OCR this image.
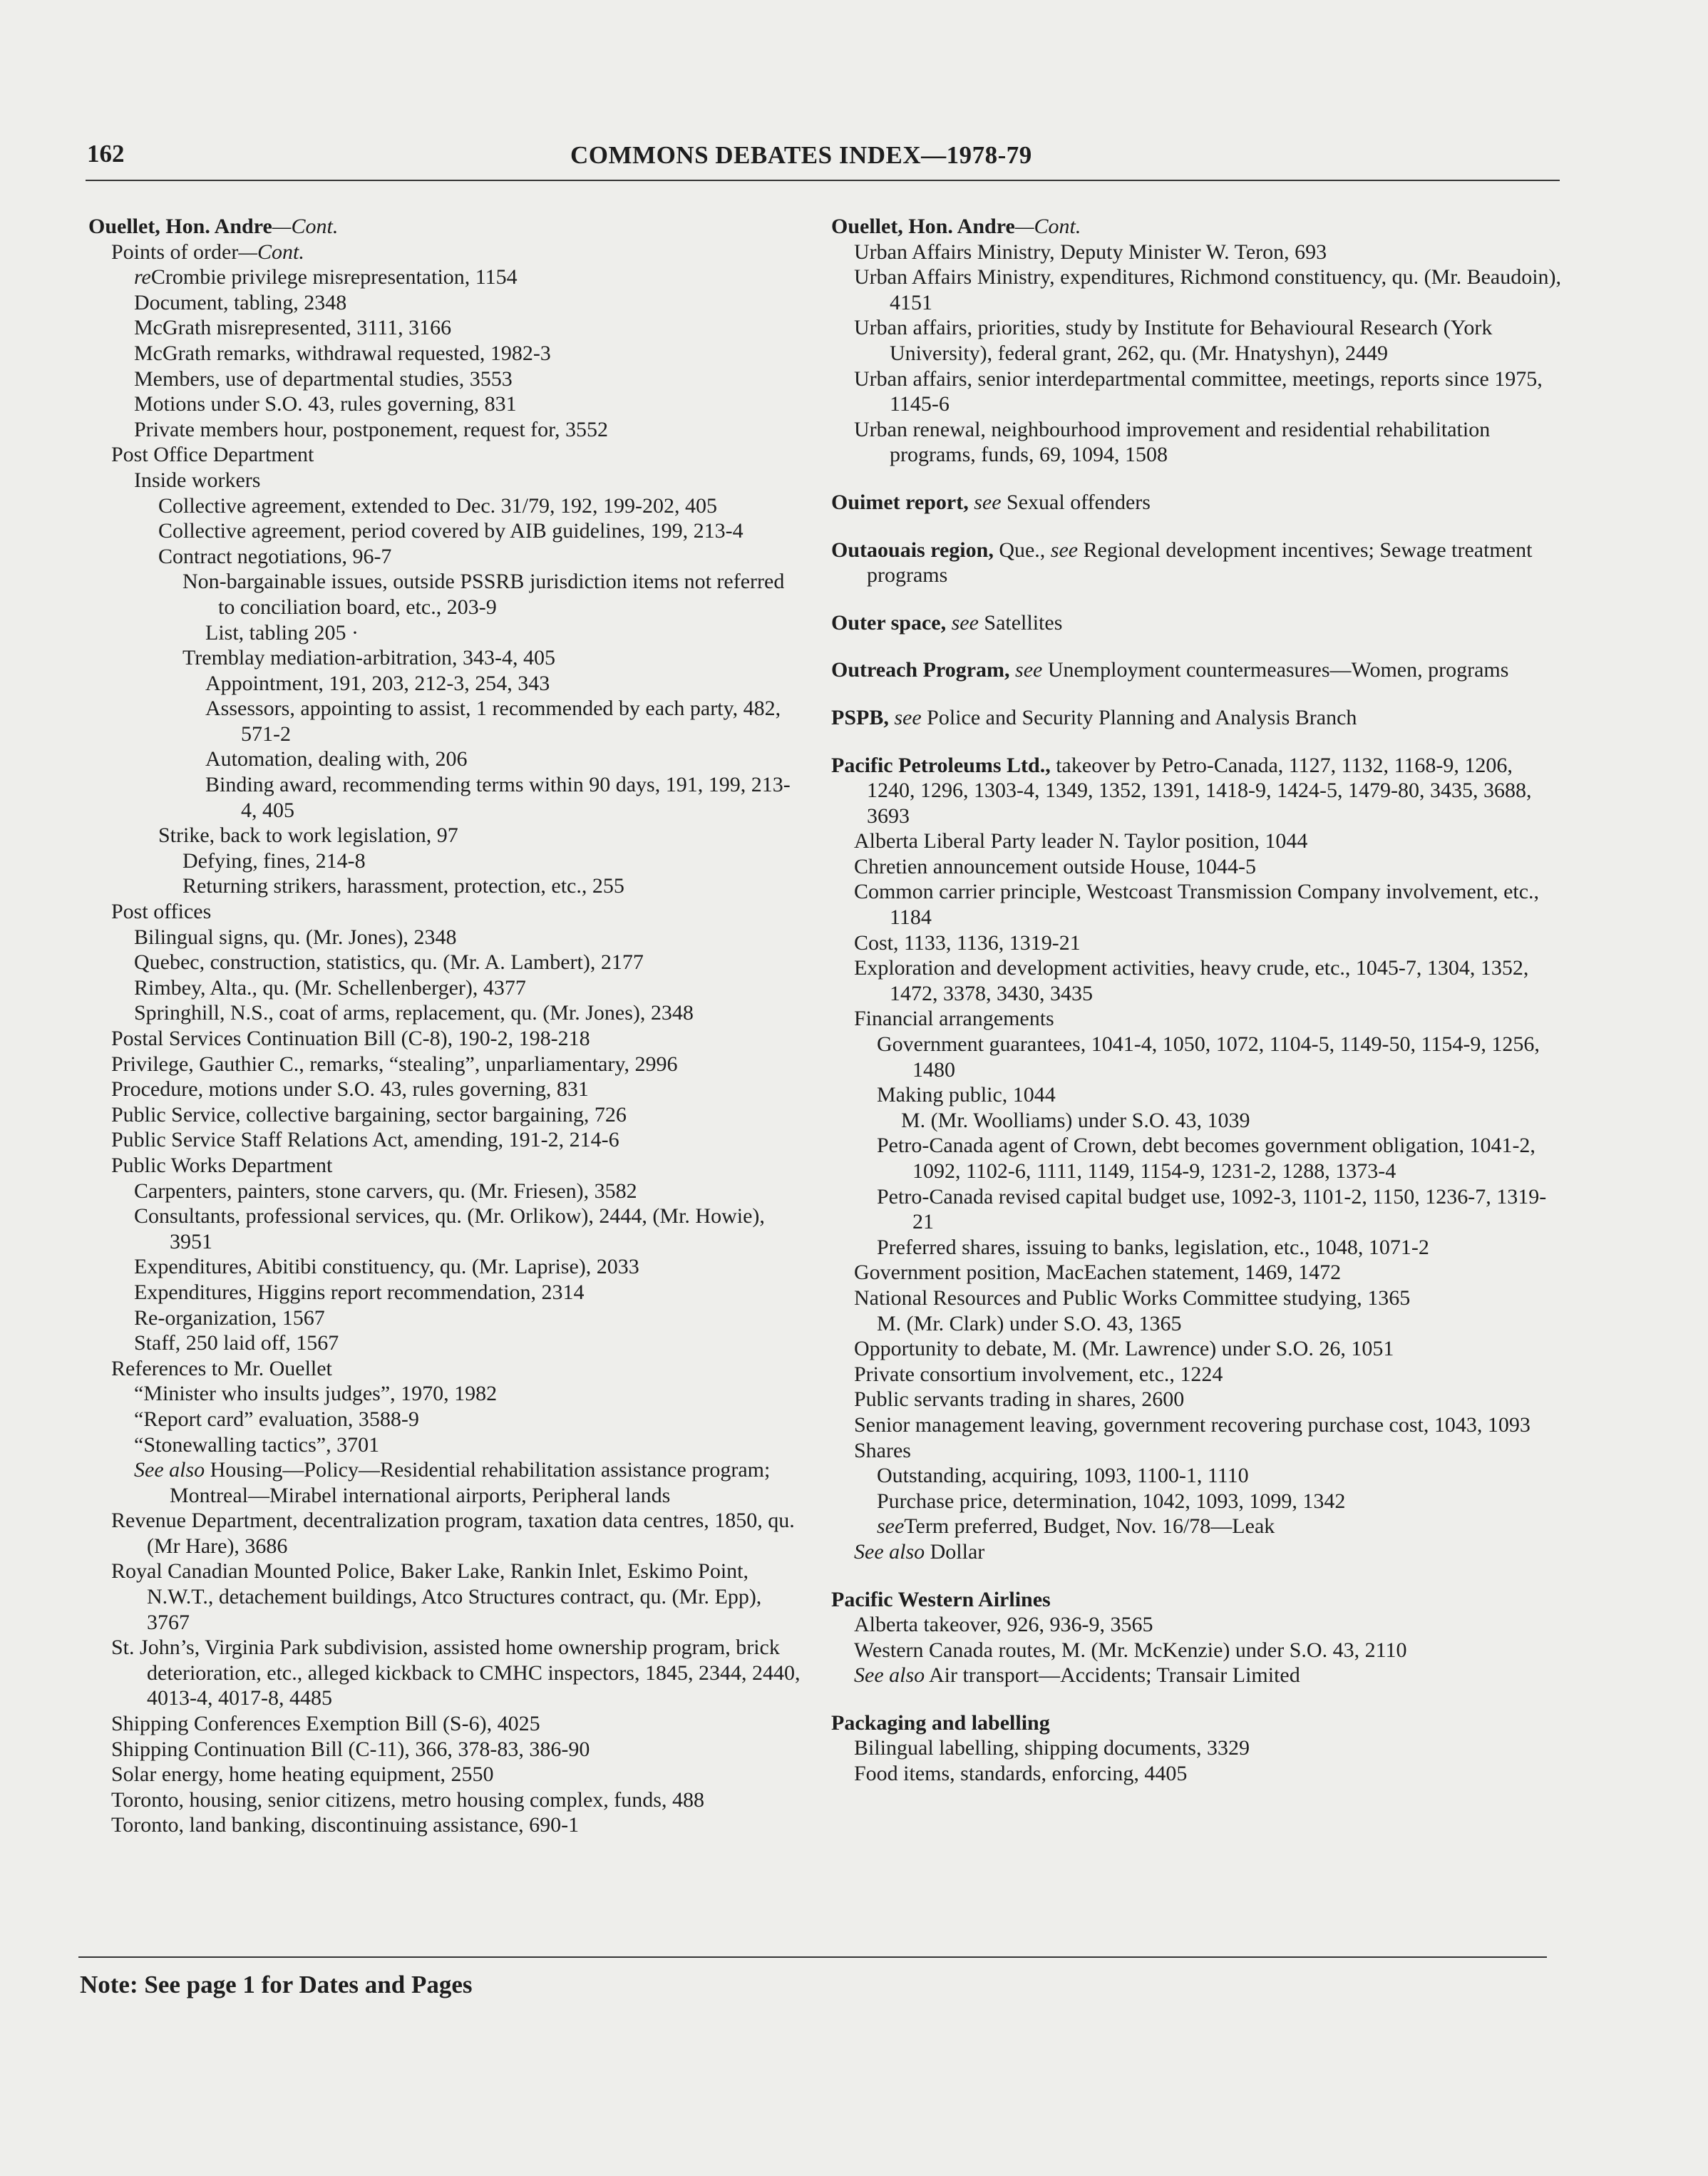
162	COMMONS DEBATES INDEX—1978-79

Ouellet, Hon. Andre—Cont.

Points of order—Cont.

reCrombie privilege misrepresentation, 1154

Document, tabling, 2348

McGrath misrepresented, 3111, 3166

McGrath remarks, withdrawal requested, 1982-3

Members, use of departmental studies, 3553

Motions under S.O. 43, rules governing, 831

Private members hour, postponement, request for, 3552

Post Office Department

Inside workers

Collective agreement, extended to Dec. 31/79, 192, 199-202, 405

Collective agreement, period covered by AIB guidelines, 199, 213-4

Contract negotiations, 96-7

Non-bargainable issues, outside PSSRB jurisdiction items not referred to conciliation board, etc., 203-9

List, tabling 205 ·

Tremblay mediation-arbitration, 343-4, 405

Appointment, 191, 203, 212-3, 254, 343

Assessors, appointing to assist, 1 recommended by each party, 482, 571-2

Automation, dealing with, 206

Binding award, recommending terms within 90 days, 191, 199, 213-4, 405

Strike, back to work legislation, 97

Defying, fines, 214-8

Returning strikers, harassment, protection, etc., 255

Post offices

Bilingual signs, qu. (Mr. Jones), 2348

Quebec, construction, statistics, qu. (Mr. A. Lambert), 2177

Rimbey, Alta., qu. (Mr. Schellenberger), 4377

Springhill, N.S., coat of arms, replacement, qu. (Mr. Jones), 2348

Postal Services Continuation Bill (C-8), 190-2, 198-218

Privilege, Gauthier C., remarks, “stealing”, unparliamentary, 2996

Procedure, motions under S.O. 43, rules governing, 831

Public Service, collective bargaining, sector bargaining, 726

Public Service Staff Relations Act, amending, 191-2, 214-6

Public Works Department

Carpenters, painters, stone carvers, qu. (Mr. Friesen), 3582

Consultants, professional services, qu. (Mr. Orlikow), 2444, (Mr. Howie), 3951

Expenditures, Abitibi constituency, qu. (Mr. Laprise), 2033

Expenditures, Higgins report recommendation, 2314

Re-organization, 1567

Staff, 250 laid off, 1567

References to Mr. Ouellet

“Minister who insults judges”, 1970, 1982

“Report card” evaluation, 3588-9

“Stonewalling tactics”, 3701

See also Housing—Policy—Residential rehabilitation assistance program; Montreal—Mirabel international airports, Peripheral lands

Revenue Department, decentralization program, taxation data centres, 1850, qu. (Mr Hare), 3686

Royal Canadian Mounted Police, Baker Lake, Rankin Inlet, Eskimo Point, N.W.T., detachement buildings, Atco Structures contract, qu. (Mr. Epp), 3767

St. John’s, Virginia Park subdivision, assisted home ownership program, brick deterioration, etc., alleged kickback to CMHC inspectors, 1845, 2344, 2440, 4013-4, 4017-8, 4485

Shipping Conferences Exemption Bill (S-6), 4025

Shipping Continuation Bill (C-11), 366, 378-83, 386-90

Solar energy, home heating equipment, 2550

Toronto, housing, senior citizens, metro housing complex, funds, 488

Toronto, land banking, discontinuing assistance, 690-1

Ouellet, Hon. Andre—Cont.

Urban Affairs Ministry, Deputy Minister W. Teron, 693

Urban Affairs Ministry, expenditures, Richmond constituency, qu. (Mr. Beaudoin), 4151

Urban affairs, priorities, study by Institute for Behavioural Research (York University), federal grant, 262, qu. (Mr. Hnatyshyn), 2449

Urban affairs, senior interdepartmental committee, meetings, reports since 1975, 1145-6

Urban renewal, neighbourhood improvement and residential rehabilitation programs, funds, 69, 1094, 1508

Ouimet report, see Sexual offenders

Outaouais region, Que., see Regional development incentives; Sewage treatment programs

Outer space, see Satellites

Outreach Program, see Unemployment countermeasures—Women, programs

PSPB, see Police and Security Planning and Analysis Branch

Pacific Petroleums Ltd., takeover by Petro-Canada, 1127, 1132, 1168-9, 1206, 1240, 1296, 1303-4, 1349, 1352, 1391, 1418-9, 1424-5, 1479-80, 3435, 3688, 3693

Alberta Liberal Party leader N. Taylor position, 1044

Chretien announcement outside House, 1044-5

Common carrier principle, Westcoast Transmission Company involvement, etc., 1184

Cost, 1133, 1136, 1319-21

Exploration and development activities, heavy crude, etc., 1045-7, 1304, 1352, 1472, 3378, 3430, 3435

Financial arrangements

Government guarantees, 1041-4, 1050, 1072, 1104-5, 1149-50, 1154-9, 1256, 1480

Making public, 1044

M. (Mr. Woolliams) under S.O. 43, 1039

Petro-Canada agent of Crown, debt becomes government obligation, 1041-2, 1092, 1102-6, 1111, 1149, 1154-9, 1231-2, 1288, 1373-4

Petro-Canada revised capital budget use, 1092-3, 1101-2, 1150, 1236-7, 1319-21

Preferred shares, issuing to banks, legislation, etc., 1048, 1071-2

Government position, MacEachen statement, 1469, 1472

National Resources and Public Works Committee studying, 1365

M. (Mr. Clark) under S.O. 43, 1365

Opportunity to debate, M. (Mr. Lawrence) under S.O. 26, 1051

Private consortium involvement, etc., 1224

Public servants trading in shares, 2600

Senior management leaving, government recovering purchase cost, 1043, 1093

Shares

Outstanding, acquiring, 1093, 1100-1, 1110

Purchase price, determination, 1042, 1093, 1099, 1342

seeTerm preferred, Budget, Nov. 16/78—Leak

See also Dollar

Pacific Western Airlines

Alberta takeover, 926, 936-9, 3565

Western Canada routes, M. (Mr. McKenzie) under S.O. 43, 2110

See also Air transport—Accidents; Transair Limited

Packaging and labelling

Bilingual labelling, shipping documents, 3329

Food items, standards, enforcing, 4405

Note: See page 1 for Dates and Pages
